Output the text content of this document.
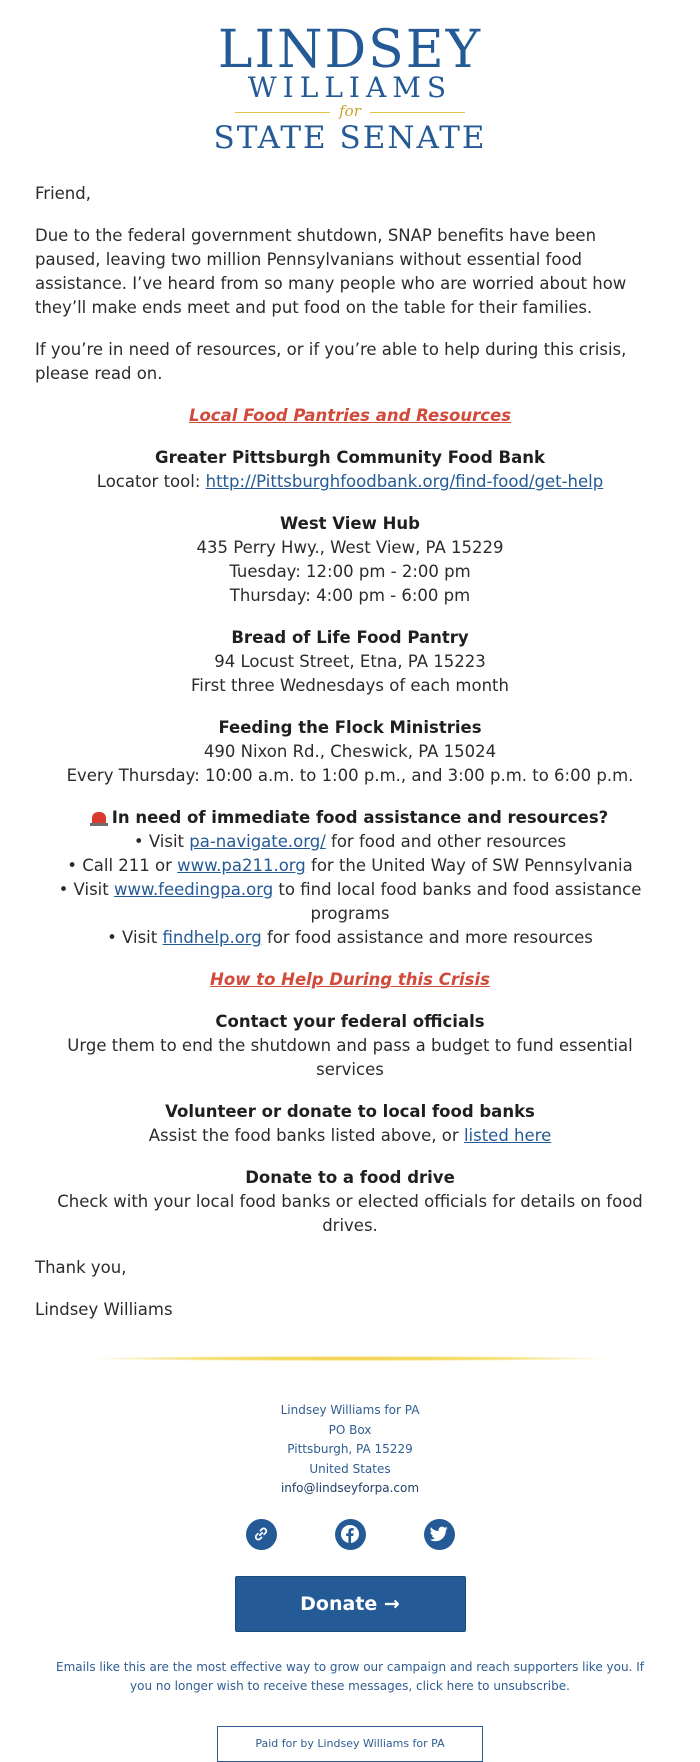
LINDSEY
WILLIAMS
for
STATE SENATE

Friend,

Due to the federal government shutdown, SNAP benefits have been paused, leaving two million Pennsylvanians without essential food assistance. I’ve heard from so many people who are worried about how they’ll make ends meet and put food on the table for their families.

If you’re in need of resources, or if you’re able to help during this crisis, please read on.

Local Food Pantries and Resources
Greater Pittsburgh Community Food Bank
Locator tool: http://Pittsburghfoodbank.org/find-food/get-help
West View Hub
435 Perry Hwy., West View, PA 15229
Tuesday: 12:00 pm - 2:00 pm
Thursday: 4:00 pm - 6:00 pm
Bread of Life Food Pantry
94 Locust Street, Etna, PA 15223
First three Wednesdays of each month
Feeding the Flock Ministries
490 Nixon Rd., Cheswick, PA 15024
Every Thursday: 10:00 a.m. to 1:00 p.m., and 3:00 p.m. to 6:00 p.m.
In need of immediate food assistance and resources?
• Visit pa-navigate.org/ for food and other resources
• Call 211 or www.pa211.org for the United Way of SW Pennsylvania
• Visit www.feedingpa.org to find local food banks and food assistance programs
• Visit findhelp.org for food assistance and more resources
How to Help During this Crisis
Contact your federal officials
Urge them to end the shutdown and pass a budget to fund essential services
Volunteer or donate to local food banks
Assist the food banks listed above, or listed here
Donate to a food drive
Check with your local food banks or elected officials for details on food drives.

Thank you,

Lindsey Williams

Lindsey Williams for PA
PO Box
Pittsburgh, PA 15229
United States
info@lindseyforpa.com
Donate →
Emails like this are the most effective way to grow our campaign and reach supporters like you. If you no longer wish to receive these messages, click here to unsubscribe.
Paid for by Lindsey Williams for PA
